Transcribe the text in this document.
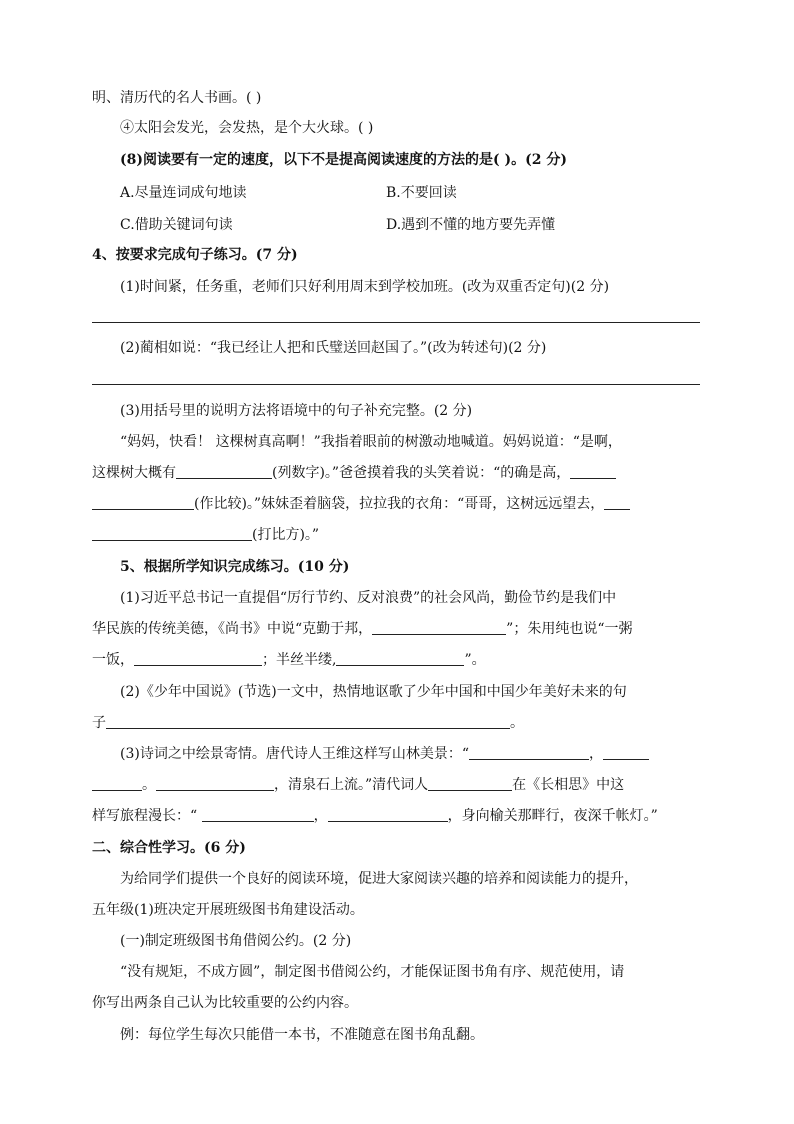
明、清历代的名人书画。( )
④太阳会发光，会发热，是个大火球。( )
(8)阅读要有一定的速度，以下不是提高阅读速度的方法的是( )。(2 分)
A.尽量连词成句地读	B.不要回读
C.借助关键词句读	D.遇到不懂的地方要先弄懂
4、按要求完成句子练习。(7 分)
(1)时间紧，任务重，老师们只好利用周末到学校加班。(改为双重否定句)(2 分)
(2)蔺相如说：“我已经让人把和氏璧送回赵国了。”(改为转述句)(2 分)
(3)用括号里的说明方法将语境中的句子补充完整。(2 分)
“妈妈，快看！ 这棵树真高啊！”我指着眼前的树激动地喊道。妈妈说道：“是啊，
这棵树大概有	(列数字)。”爸爸摸着我的头笑着说：“的确是高，
(作比较)。”妹妹歪着脑袋，拉拉我的衣角：“哥哥，这树远远望去，
(打比方)。”
5、根据所学知识完成练习。(10 分)
(1)习近平总书记一直提倡“厉行节约、反对浪费”的社会风尚，勤俭节约是我们中
华民族的传统美德，《尚书》中说“克勤于邦，	”；朱用纯也说“一粥
一饭，	；半丝半缕,	”。
(2)《少年中国说》(节选)一文中，热情地讴歌了少年中国和中国少年美好未来的句
子	。
(3)诗词之中绘景寄情。唐代诗人王维这样写山林美景：“	，
。	，清泉石上流。”清代词人	在《长相思》中这
样写旅程漫长：“	，	，身向榆关那畔行，夜深千帐灯。”
二、综合性学习。(6 分)
为给同学们提供一个良好的阅读环境，促进大家阅读兴趣的培养和阅读能力的提升，
五年级(1)班决定开展班级图书角建设活动。
(一)制定班级图书角借阅公约。(2 分)
“没有规矩，不成方圆”，制定图书借阅公约，才能保证图书角有序、规范使用，请
你写出两条自己认为比较重要的公约内容。
例：每位学生每次只能借一本书，不准随意在图书角乱翻。
